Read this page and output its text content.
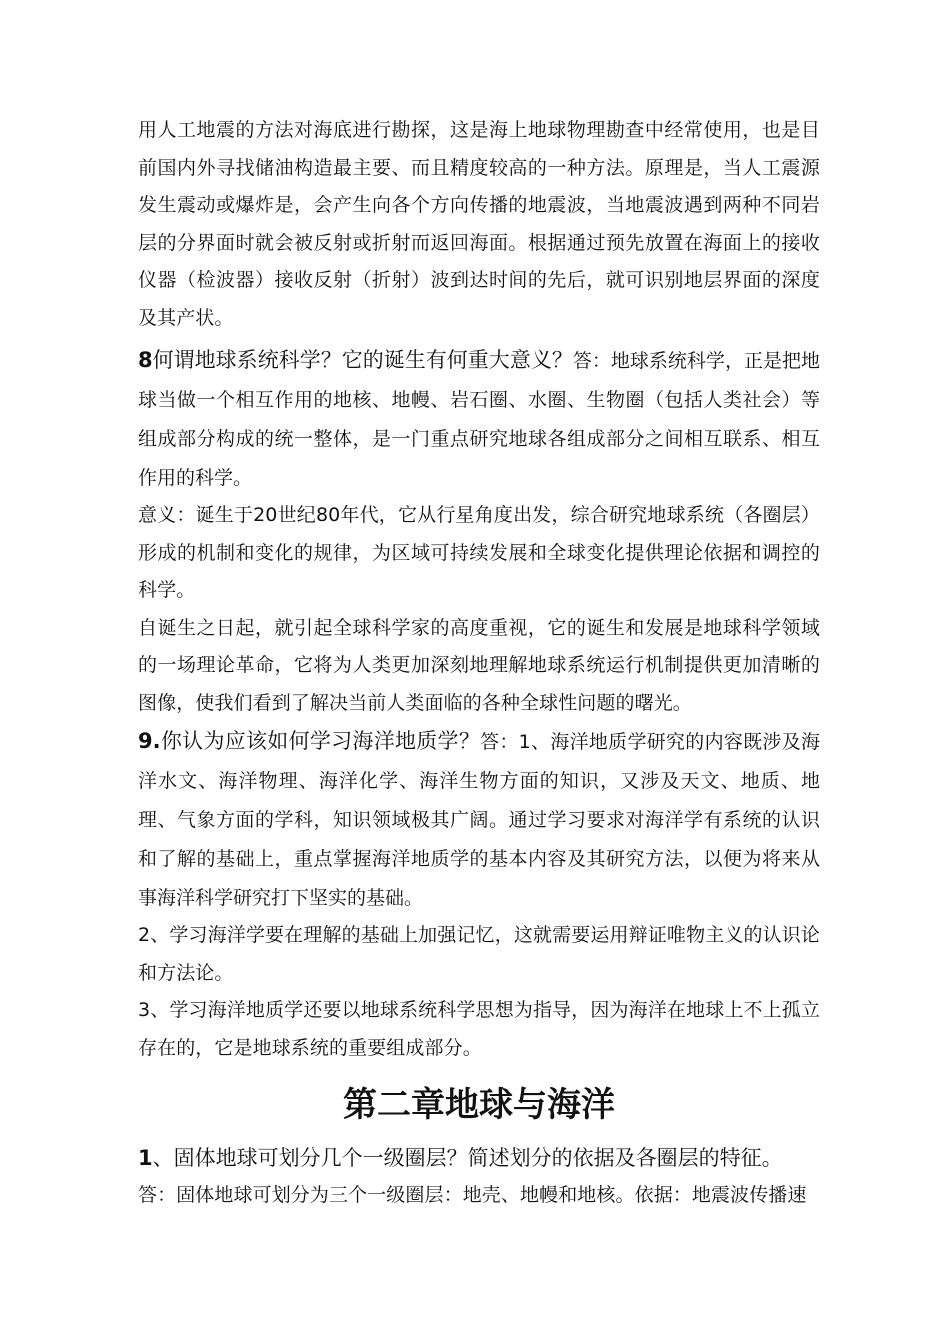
用人工地震的方法对海底进行勘探，这是海上地球物理勘查中经常使用，也是目前国内外寻找储油构造最主要、而且精度较高的一种方法。原理是，当人工震源发生震动或爆炸是，会产生向各个方向传播的地震波，当地震波遇到两种不同岩层的分界面时就会被反射或折射而返回海面。根据通过预先放置在海面上的接收仪器（检波器）接收反射（折射）波到达时间的先后，就可识别地层界面的深度及其产状。

8何谓地球系统科学？它的诞生有何重大意义？答：地球系统科学，正是把地球当做一个相互作用的地核、地幔、岩石圈、水圈、生物圈（包括人类社会）等组成部分构成的统一整体，是一门重点研究地球各组成部分之间相互联系、相互作用的科学。

意义：诞生于20世纪80年代，它从行星角度出发，综合研究地球系统（各圈层）形成的机制和变化的规律，为区域可持续发展和全球变化提供理论依据和调控的科学。

自诞生之日起，就引起全球科学家的高度重视，它的诞生和发展是地球科学领域的一场理论革命，它将为人类更加深刻地理解地球系统运行机制提供更加清晰的图像，使我们看到了解决当前人类面临的各种全球性问题的曙光。

9.你认为应该如何学习海洋地质学？答：1、海洋地质学研究的内容既涉及海洋水文、海洋物理、海洋化学、海洋生物方面的知识，又涉及天文、地质、地理、气象方面的学科，知识领域极其广阔。通过学习要求对海洋学有系统的认识和了解的基础上，重点掌握海洋地质学的基本内容及其研究方法，以便为将来从事海洋科学研究打下坚实的基础。

2、学习海洋学要在理解的基础上加强记忆，这就需要运用辩证唯物主义的认识论和方法论。

3、学习海洋地质学还要以地球系统科学思想为指导，因为海洋在地球上不上孤立存在的，它是地球系统的重要组成部分。

第二章地球与海洋

1、固体地球可划分几个一级圈层？简述划分的依据及各圈层的特征。

答：固体地球可划分为三个一级圈层：地壳、地幔和地核。依据：地震波传播速
